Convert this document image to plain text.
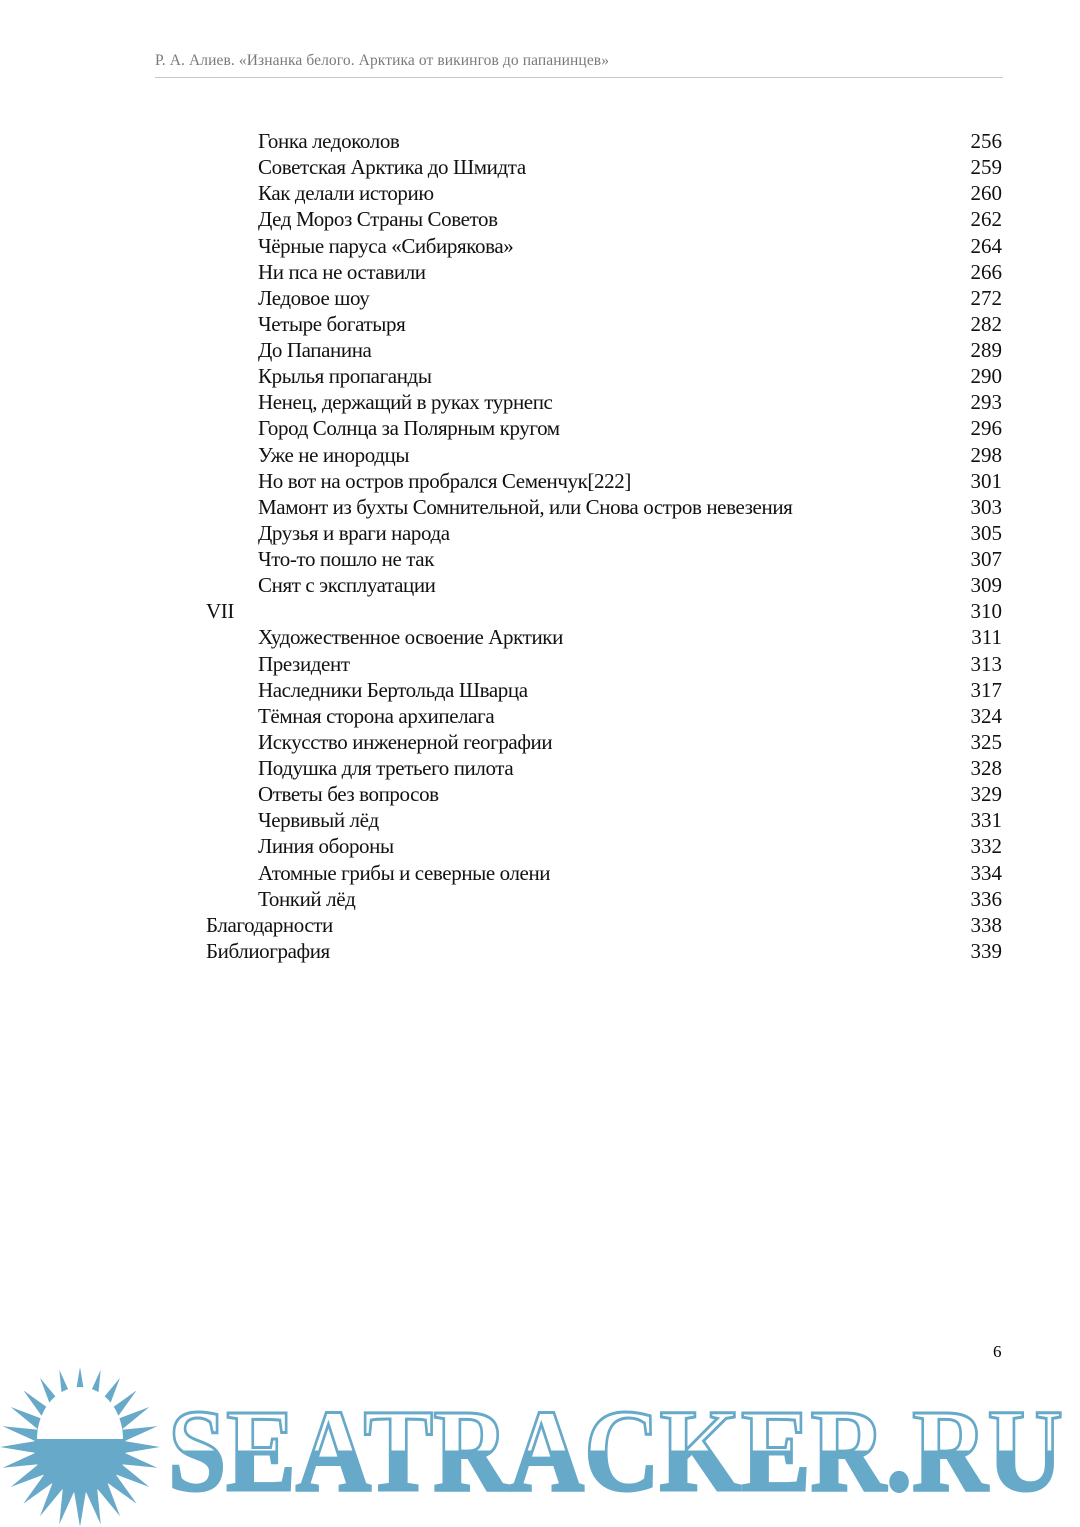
Р. А. Алиев. «Изнанка белого. Арктика от викингов до папанинцев»
Гонка ледоколов	256
Советская Арктика до Шмидта	259
Как делали историю	260
Дед Мороз Страны Советов	262
Чёрные паруса «Сибирякова»	264
Ни пса не оставили	266
Ледовое шоу	272
Четыре богатыря	282
До Папанина	289
Крылья пропаганды	290
Ненец, держащий в руках турнепс	293
Город Солнца за Полярным кругом	296
Уже не инородцы	298
Но вот на остров пробрался Семенчук[222]	301
Мамонт из бухты Сомнительной, или Снова остров невезения	303
Друзья и враги народа	305
Что-то пошло не так	307
Снят с эксплуатации	309
VII	310
Художественное освоение Арктики	311
Президент	313
Наследники Бертольда Шварца	317
Тёмная сторона архипелага	324
Искусство инженерной географии	325
Подушка для третьего пилота	328
Ответы без вопросов	329
Червивый лёд	331
Линия обороны	332
Атомные грибы и северные олени	334
Тонкий лёд	336
Благодарности	338
Библиография	339
SEATRACKER.RU
6
